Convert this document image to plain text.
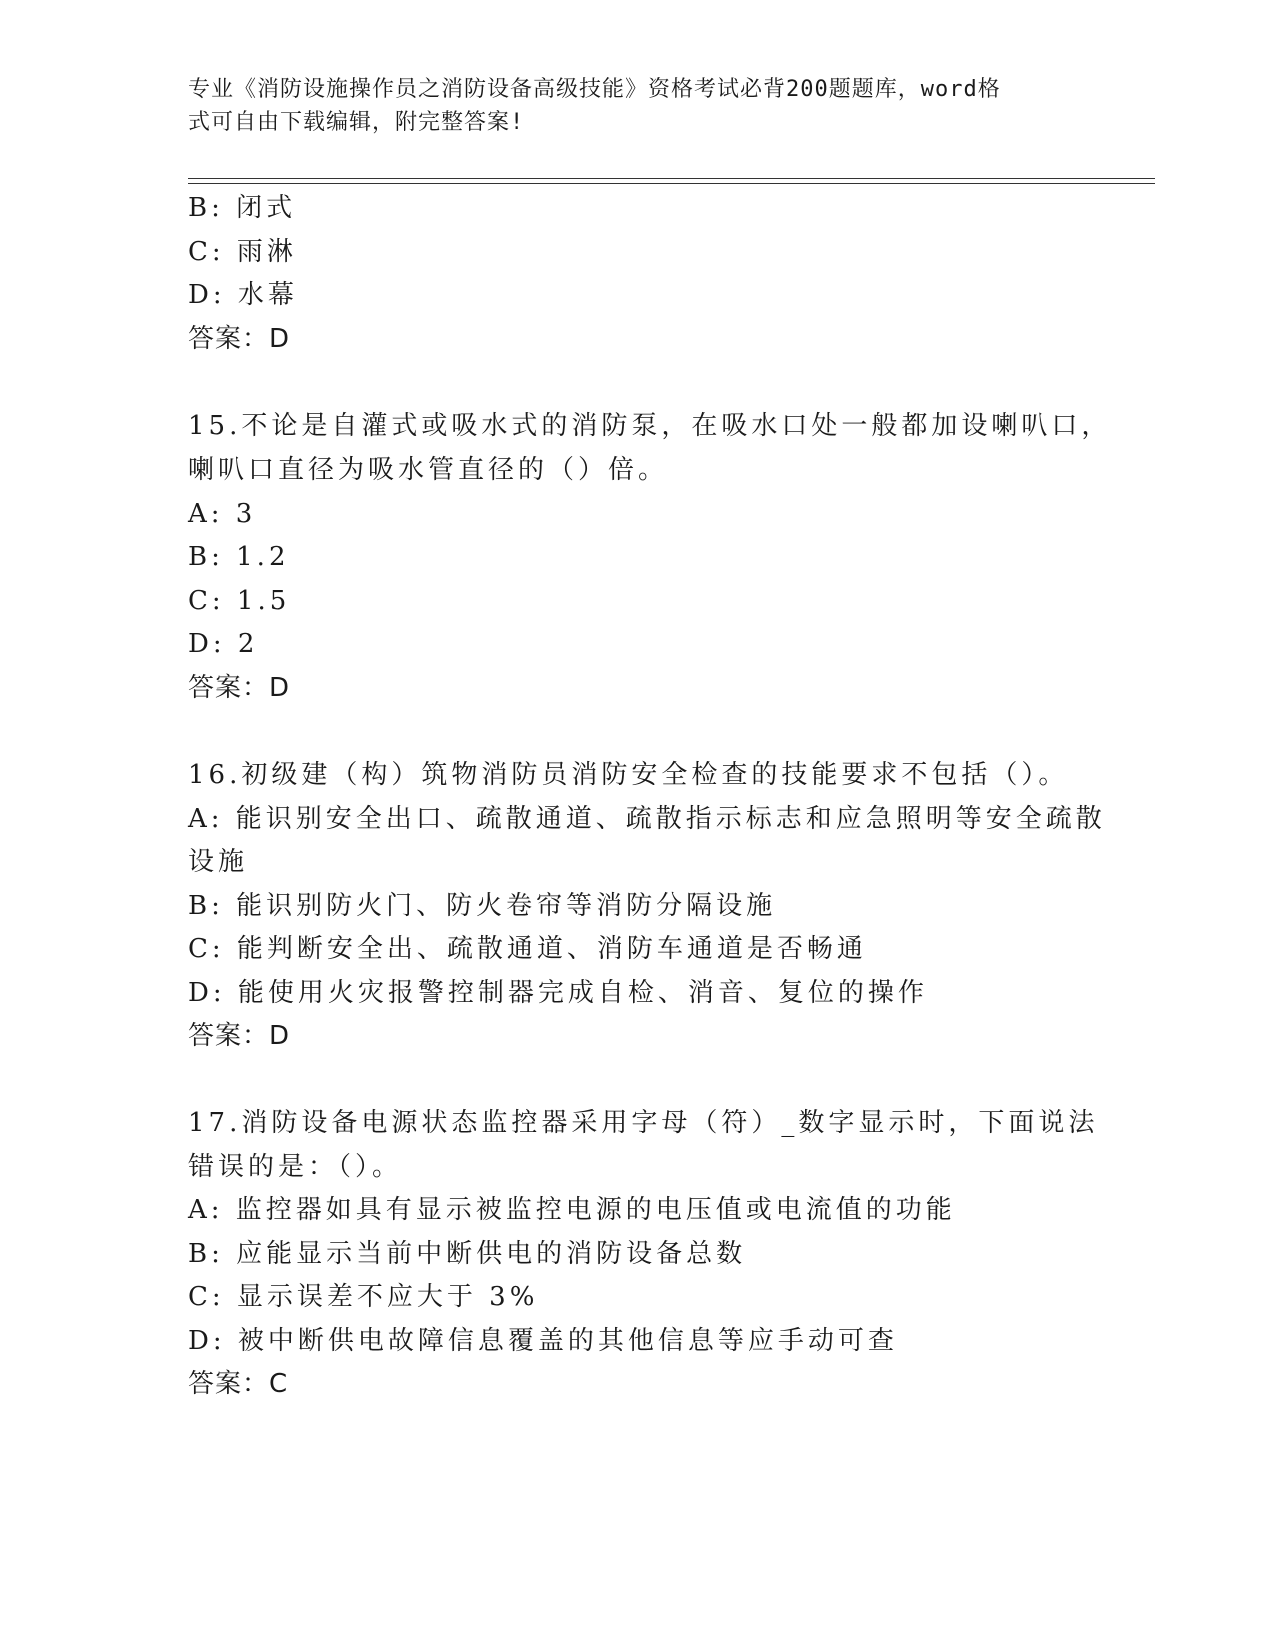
专业《消防设施操作员之消防设备高级技能》资格考试必背200题题库，word格
式可自由下载编辑，附完整答案!
B: 闭式
C: 雨淋
D: 水幕
答案：D
15.不论是自灌式或吸水式的消防泵，在吸水口处一般都加设喇叭口，
喇叭口直径为吸水管直径的（）倍。
A: 3
B: 1.2
C: 1.5
D: 2
答案：D
16.初级建（构）筑物消防员消防安全检查的技能要求不包括（）。
A: 能识别安全出口、疏散通道、疏散指示标志和应急照明等安全疏散
设施
B: 能识别防火门、防火卷帘等消防分隔设施
C: 能判断安全出、疏散通道、消防车通道是否畅通
D: 能使用火灾报警控制器完成自检、消音、复位的操作
答案：D
17.消防设备电源状态监控器采用字母（符）_数字显示时，下面说法
错误的是：（）。
A: 监控器如具有显示被监控电源的电压值或电流值的功能
B: 应能显示当前中断供电的消防设备总数
C: 显示误差不应大于 3%
D: 被中断供电故障信息覆盖的其他信息等应手动可查
答案：C
